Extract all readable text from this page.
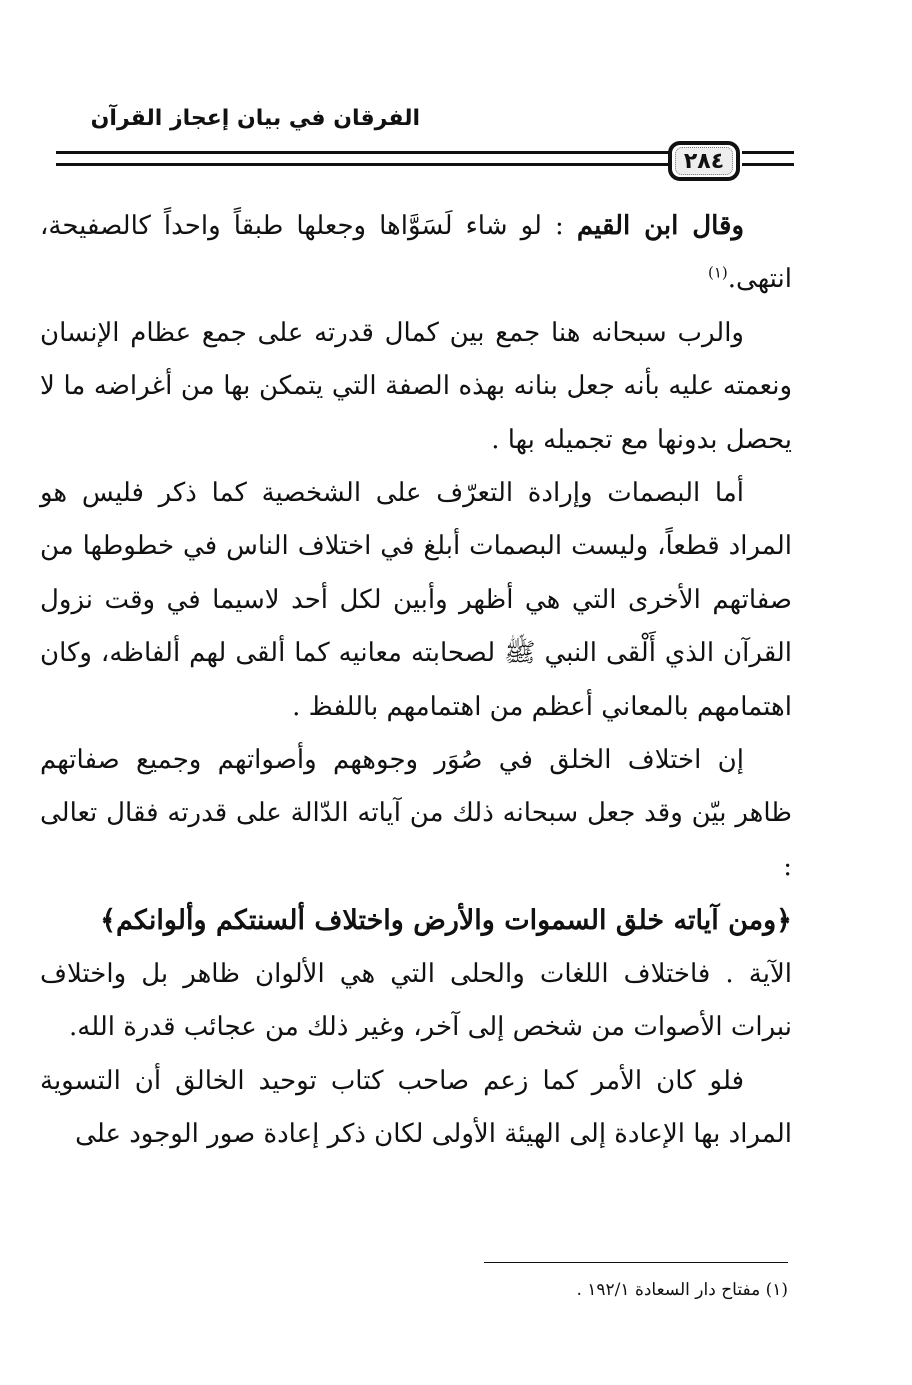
الفرقان في بيان إعجاز القرآن
٢٨٤
وقال ابن القيم : لو شاء لَسَوَّاها وجعلها طبقاً واحداً كالصفيحة، انتهى.$^{(١)}$
والرب سبحانه هنا جمع بين كمال قدرته على جمع عظام الإنسان ونعمته عليه بأنه جعل بنانه بهذه الصفة التي يتمكن بها من أغراضه ما لا يحصل بدونها مع تجميله بها .
أما البصمات وإرادة التعرّف على الشخصية كما ذكر فليس هو المراد قطعاً، وليست البصمات أبلغ في اختلاف الناس في خطوطها من صفاتهم الأخرى التي هي أظهر وأبين لكل أحد لاسيما في وقت نزول القرآن الذي أَلْقى النبي ﷺ لصحابته معانيه كما ألقى لهم ألفاظه، وكان اهتمامهم بالمعاني أعظم من اهتمامهم باللفظ .
إن اختلاف الخلق في صُوَر وجوههم وأصواتهم وجميع صفاتهم ظاهر بيّن وقد جعل سبحانه ذلك من آياته الدّالة على قدرته فقال تعالى :
﴿ومن آياته خلق السموات والأرض واختلاف ألسنتكم وألوانكم﴾
الآية . فاختلاف اللغات والحلى التي هي الألوان ظاهر بل واختلاف نبرات الأصوات من شخص إلى آخر، وغير ذلك من عجائب قدرة الله.
فلو كان الأمر كما زعم صاحب كتاب توحيد الخالق أن التسوية المراد بها الإعادة إلى الهيئة الأولى لكان ذكر إعادة صور الوجود على
(١) مفتاح دار السعادة ١٩٢/١ .
